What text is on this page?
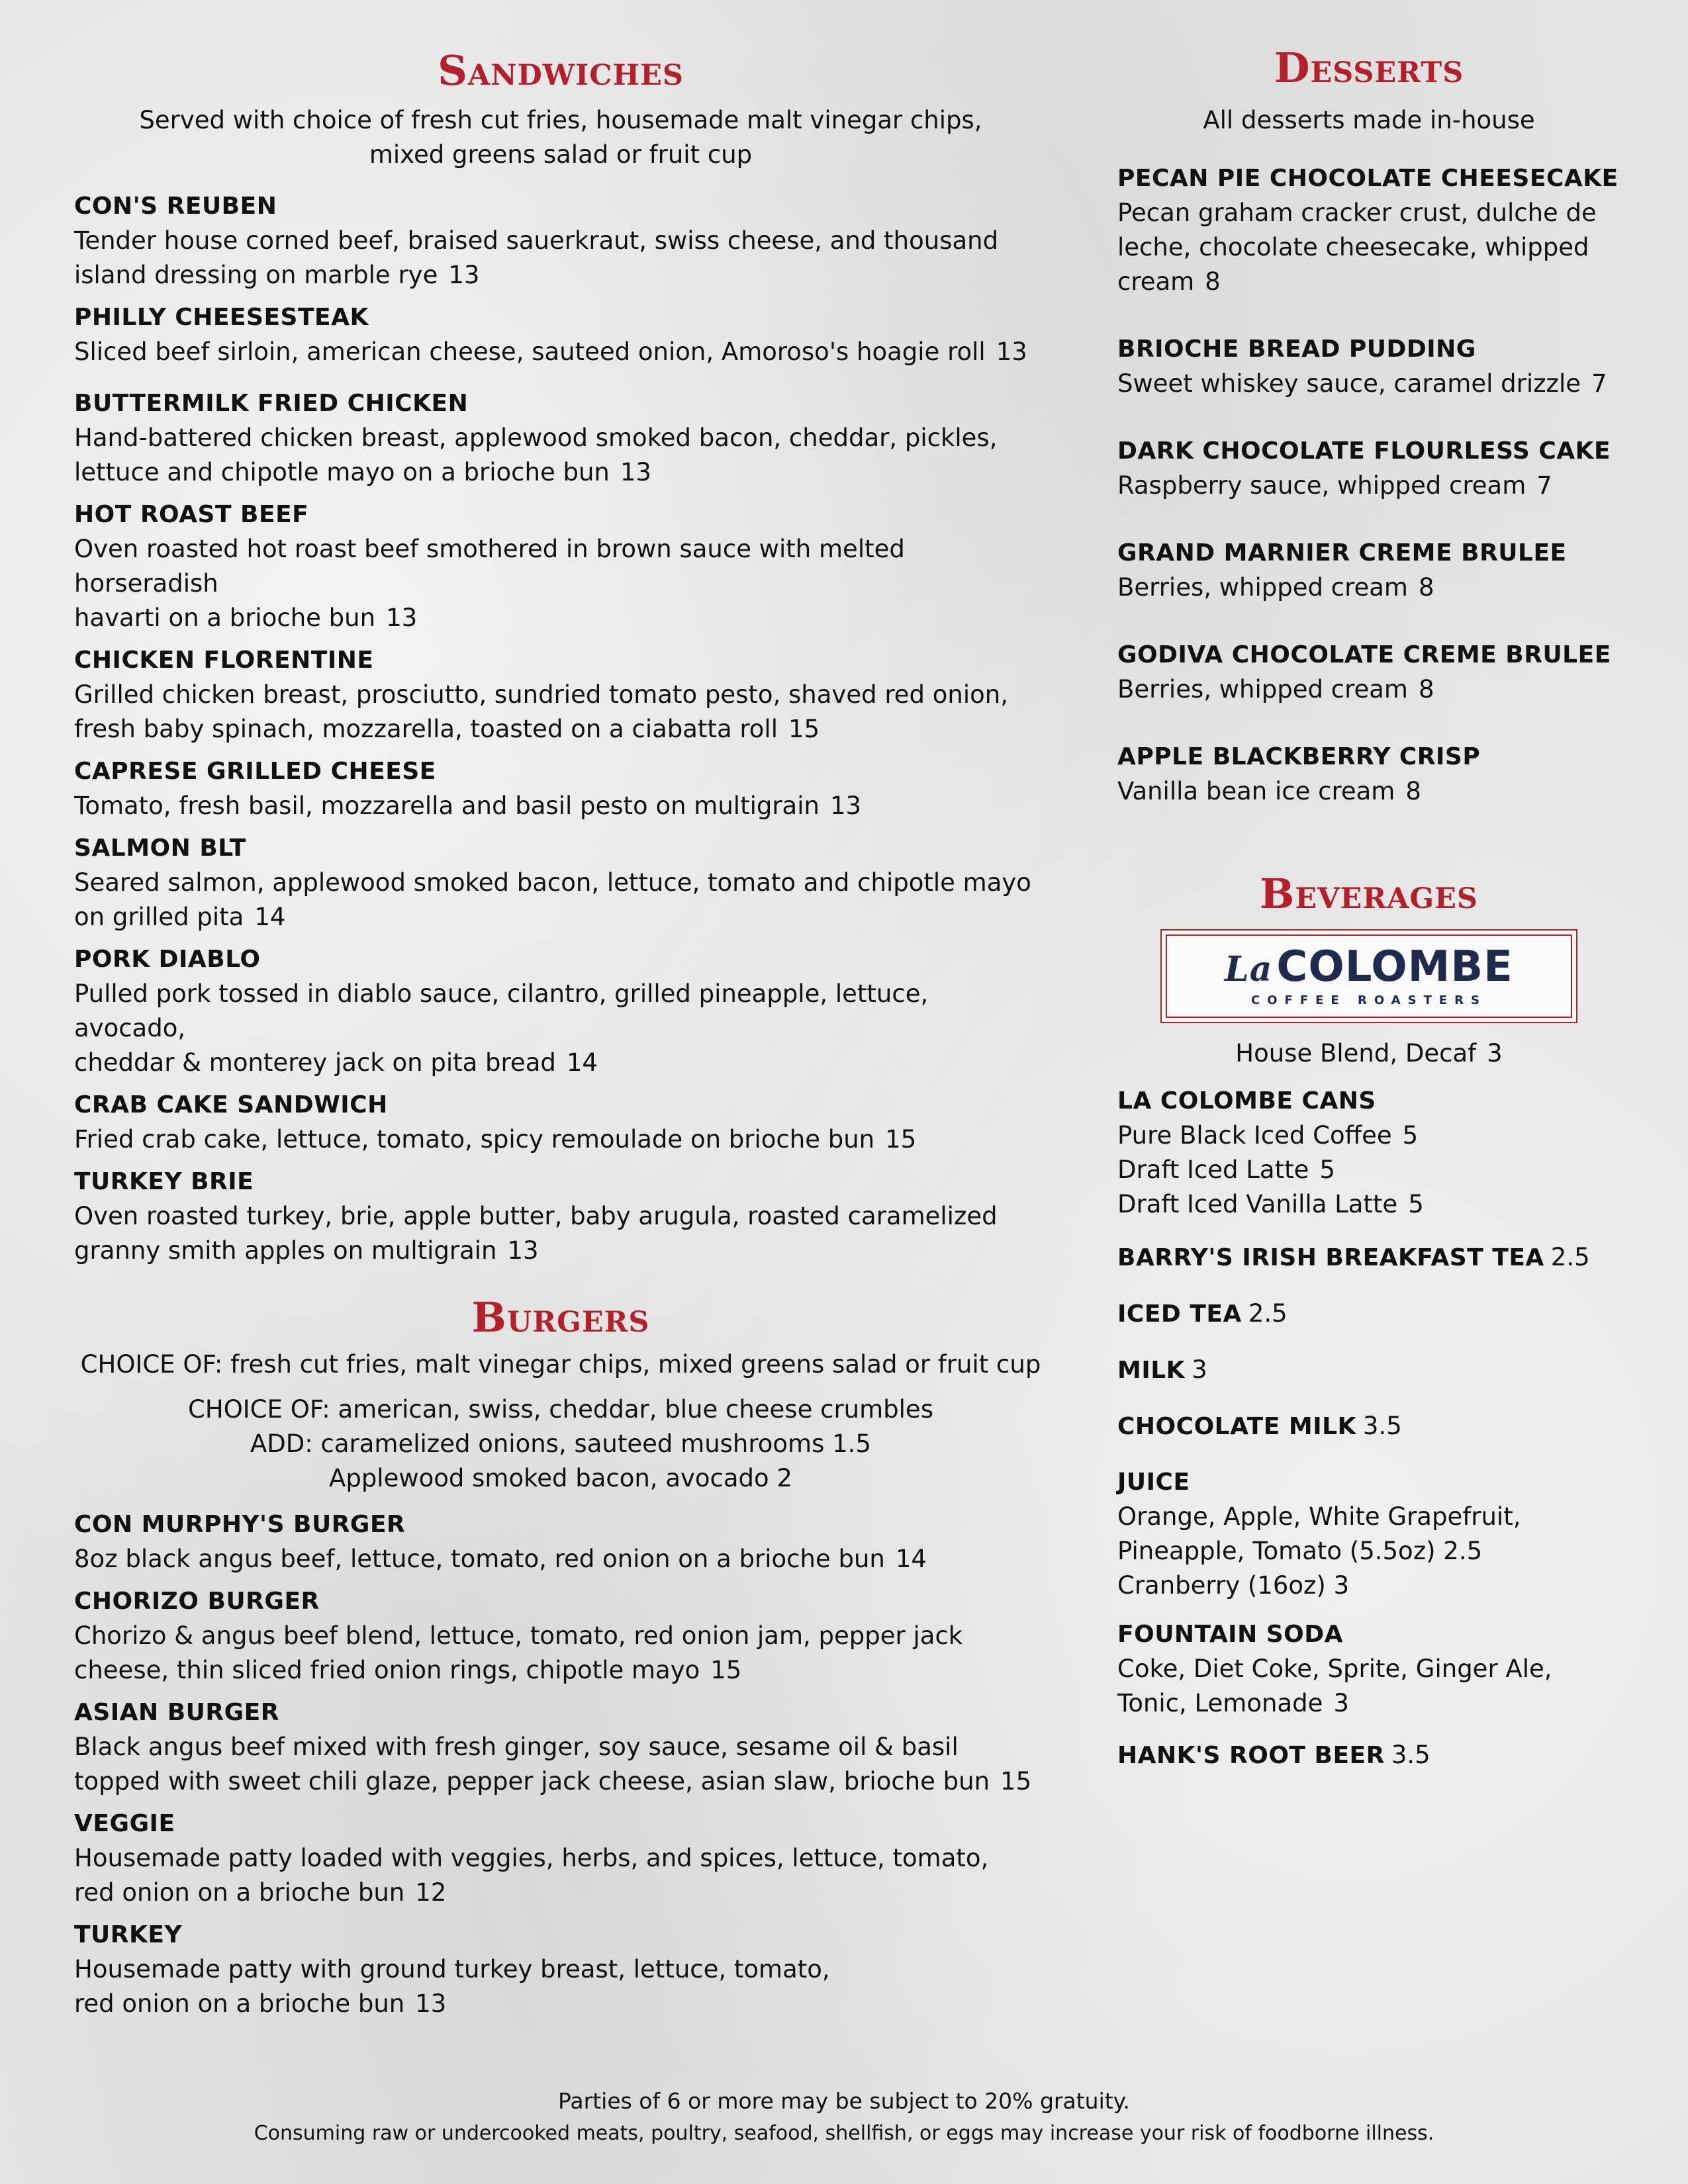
Sandwiches

Served with choice of fresh cut fries, housemade malt vinegar chips,

mixed greens salad or fruit cup

CON'S REUBEN
Tender house corned beef, braised sauerkraut, swiss cheese, and thousand
island dressing on marble rye 13
PHILLY CHEESESTEAK
Sliced beef sirloin, american cheese, sauteed onion, Amoroso's hoagie roll 13
BUTTERMILK FRIED CHICKEN
Hand-battered chicken breast, applewood smoked bacon, cheddar, pickles,
lettuce and chipotle mayo on a brioche bun 13
HOT ROAST BEEF
Oven roasted hot roast beef smothered in brown sauce with melted horseradish
havarti on a brioche bun 13
CHICKEN FLORENTINE
Grilled chicken breast, prosciutto, sundried tomato pesto, shaved red onion,
fresh baby spinach, mozzarella, toasted on a ciabatta roll 15
CAPRESE GRILLED CHEESE
Tomato, fresh basil, mozzarella and basil pesto on multigrain 13
SALMON BLT
Seared salmon, applewood smoked bacon, lettuce, tomato and chipotle mayo
on grilled pita 14
PORK DIABLO
Pulled pork tossed in diablo sauce, cilantro, grilled pineapple, lettuce, avocado,
cheddar & monterey jack on pita bread 14
CRAB CAKE SANDWICH
Fried crab cake, lettuce, tomato, spicy remoulade on brioche bun 15
TURKEY BRIE
Oven roasted turkey, brie, apple butter, baby arugula, roasted caramelized
granny smith apples on multigrain 13
Burgers

CHOICE OF: fresh cut fries, malt vinegar chips, mixed greens salad or fruit cup

CHOICE OF: american, swiss, cheddar, blue cheese crumbles

ADD: caramelized onions, sauteed mushrooms 1.5

Applewood smoked bacon, avocado 2

CON MURPHY'S BURGER
8oz black angus beef, lettuce, tomato, red onion on a brioche bun 14
CHORIZO BURGER
Chorizo & angus beef blend, lettuce, tomato, red onion jam, pepper jack
cheese, thin sliced fried onion rings, chipotle mayo 15
ASIAN BURGER
Black angus beef mixed with fresh ginger, soy sauce, sesame oil & basil
topped with sweet chili glaze, pepper jack cheese, asian slaw, brioche bun 15
VEGGIE
Housemade patty loaded with veggies, herbs, and spices, lettuce, tomato,
red onion on a brioche bun 12
TURKEY
Housemade patty with ground turkey breast, lettuce, tomato,
red onion on a brioche bun 13
Desserts

All desserts made in-house

PECAN PIE CHOCOLATE CHEESECAKE
Pecan graham cracker crust, dulche de
leche, chocolate cheesecake, whipped
cream 8
BRIOCHE BREAD PUDDING
Sweet whiskey sauce, caramel drizzle 7
DARK CHOCOLATE FLOURLESS CAKE
Raspberry sauce, whipped cream 7
GRAND MARNIER CREME BRULEE
Berries, whipped cream 8
GODIVA CHOCOLATE CREME BRULEE
Berries, whipped cream 8
APPLE BLACKBERRY CRISP
Vanilla bean ice cream 8
Beverages
LaCOLOMBE
COFFEE ROASTERS

House Blend, Decaf 3

LA COLOMBE CANS
Pure Black Iced Coffee 5
Draft Iced Latte 5
Draft Iced Vanilla Latte 5
BARRY'S IRISH BREAKFAST TEA 2.5
ICED TEA 2.5
MILK 3
CHOCOLATE MILK 3.5
JUICE
Orange, Apple, White Grapefruit,
Pineapple, Tomato (5.5oz) 2.5
Cranberry (16oz) 3
FOUNTAIN SODA
Coke, Diet Coke, Sprite, Ginger Ale,
Tonic, Lemonade 3
HANK'S ROOT BEER 3.5
Parties of 6 or more may be subject to 20% gratuity.
Consuming raw or undercooked meats, poultry, seafood, shellfish, or eggs may increase your risk of foodborne illness.
